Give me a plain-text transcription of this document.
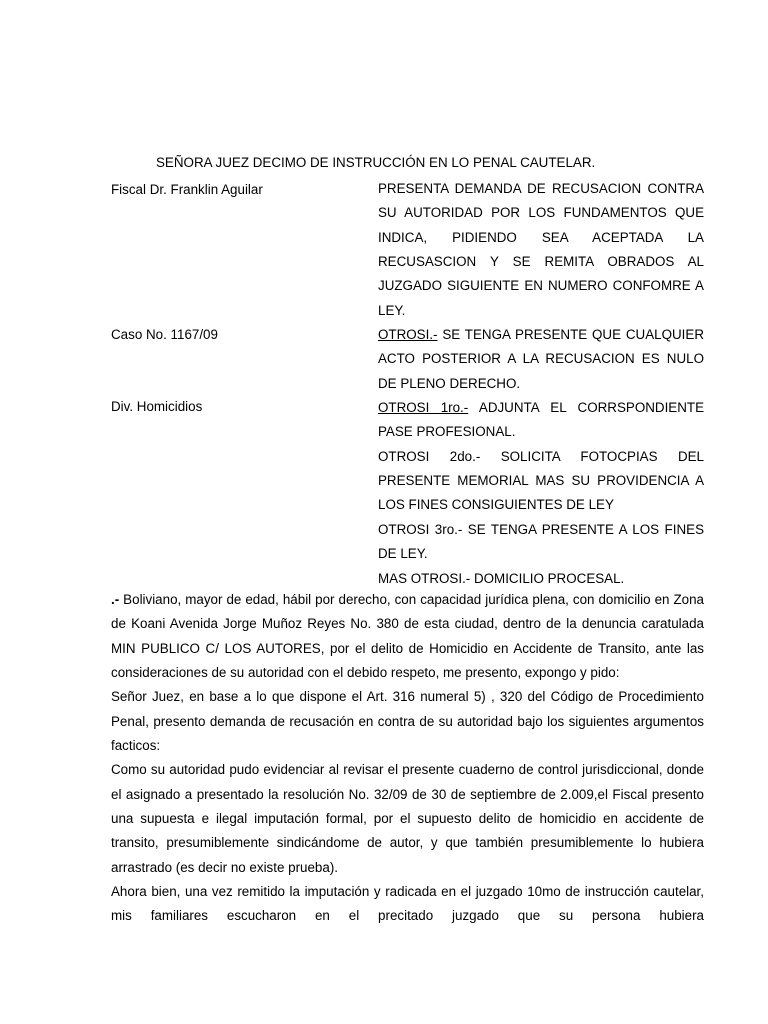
SEÑORA JUEZ DECIMO DE INSTRUCCIÓN EN LO PENAL CAUTELAR.
Fiscal Dr. Franklin Aguilar
Caso No. 1167/09
Div. Homicidios

PRESENTA DEMANDA DE RECUSACION CONTRA SU AUTORIDAD POR LOS FUNDAMENTOS QUE INDICA, PIDIENDO SEA ACEPTADA LA RECUSASCION Y SE REMITA OBRADOS AL JUZGADO SIGUIENTE EN NUMERO CONFOMRE A LEY.

OTROSI.- SE TENGA PRESENTE QUE CUALQUIER ACTO POSTERIOR A LA RECUSACION ES NULO DE PLENO DERECHO.

OTROSI 1ro.- ADJUNTA EL CORRSPONDIENTE PASE PROFESIONAL.

OTROSI 2do.- SOLICITA FOTOCPIAS DEL PRESENTE MEMORIAL MAS SU PROVIDENCIA A LOS FINES CONSIGUIENTES DE LEY

OTROSI 3ro.- SE TENGA PRESENTE A LOS FINES DE LEY.

MAS OTROSI.- DOMICILIO PROCESAL.

.- Boliviano, mayor de edad, hábil por derecho, con capacidad jurídica plena, con domicilio en Zona de Koani Avenida Jorge Muñoz Reyes No. 380 de esta ciudad, dentro de la denuncia caratulada MIN PUBLICO C/ LOS AUTORES, por el delito de Homicidio en Accidente de Transito, ante las consideraciones de su autoridad con el debido respeto, me presento, expongo y pido:

Señor Juez, en base a lo que dispone el Art. 316 numeral 5) , 320 del Código de Procedimiento Penal, presento demanda de recusación en contra de su autoridad bajo los siguientes argumentos facticos:

Como su autoridad pudo evidenciar al revisar el presente cuaderno de control jurisdiccional, donde el asignado a presentado la resolución No. 32/09 de 30 de septiembre de 2.009,el Fiscal presento una supuesta e ilegal imputación formal, por el supuesto delito de homicidio en accidente de transito, presumiblemente sindicándome de autor, y que también presumiblemente lo hubiera arrastrado (es decir no existe prueba).

Ahora bien, una vez remitido la imputación y radicada en el juzgado 10mo de instrucción cautelar, mis familiares escucharon en el precitado juzgado que su persona hubiera
